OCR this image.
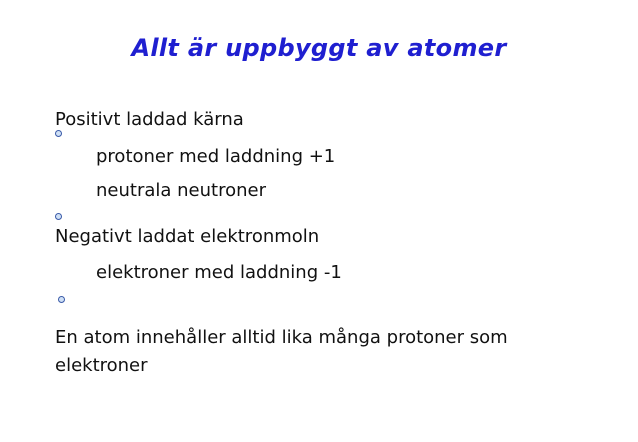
Allt är uppbyggt av atomer
Positivt laddad kärna
protoner med laddning +1
neutrala neutroner
Negativt laddat elektronmoln
elektroner med laddning -1
En atom innehåller alltid lika många protoner som
elektroner
